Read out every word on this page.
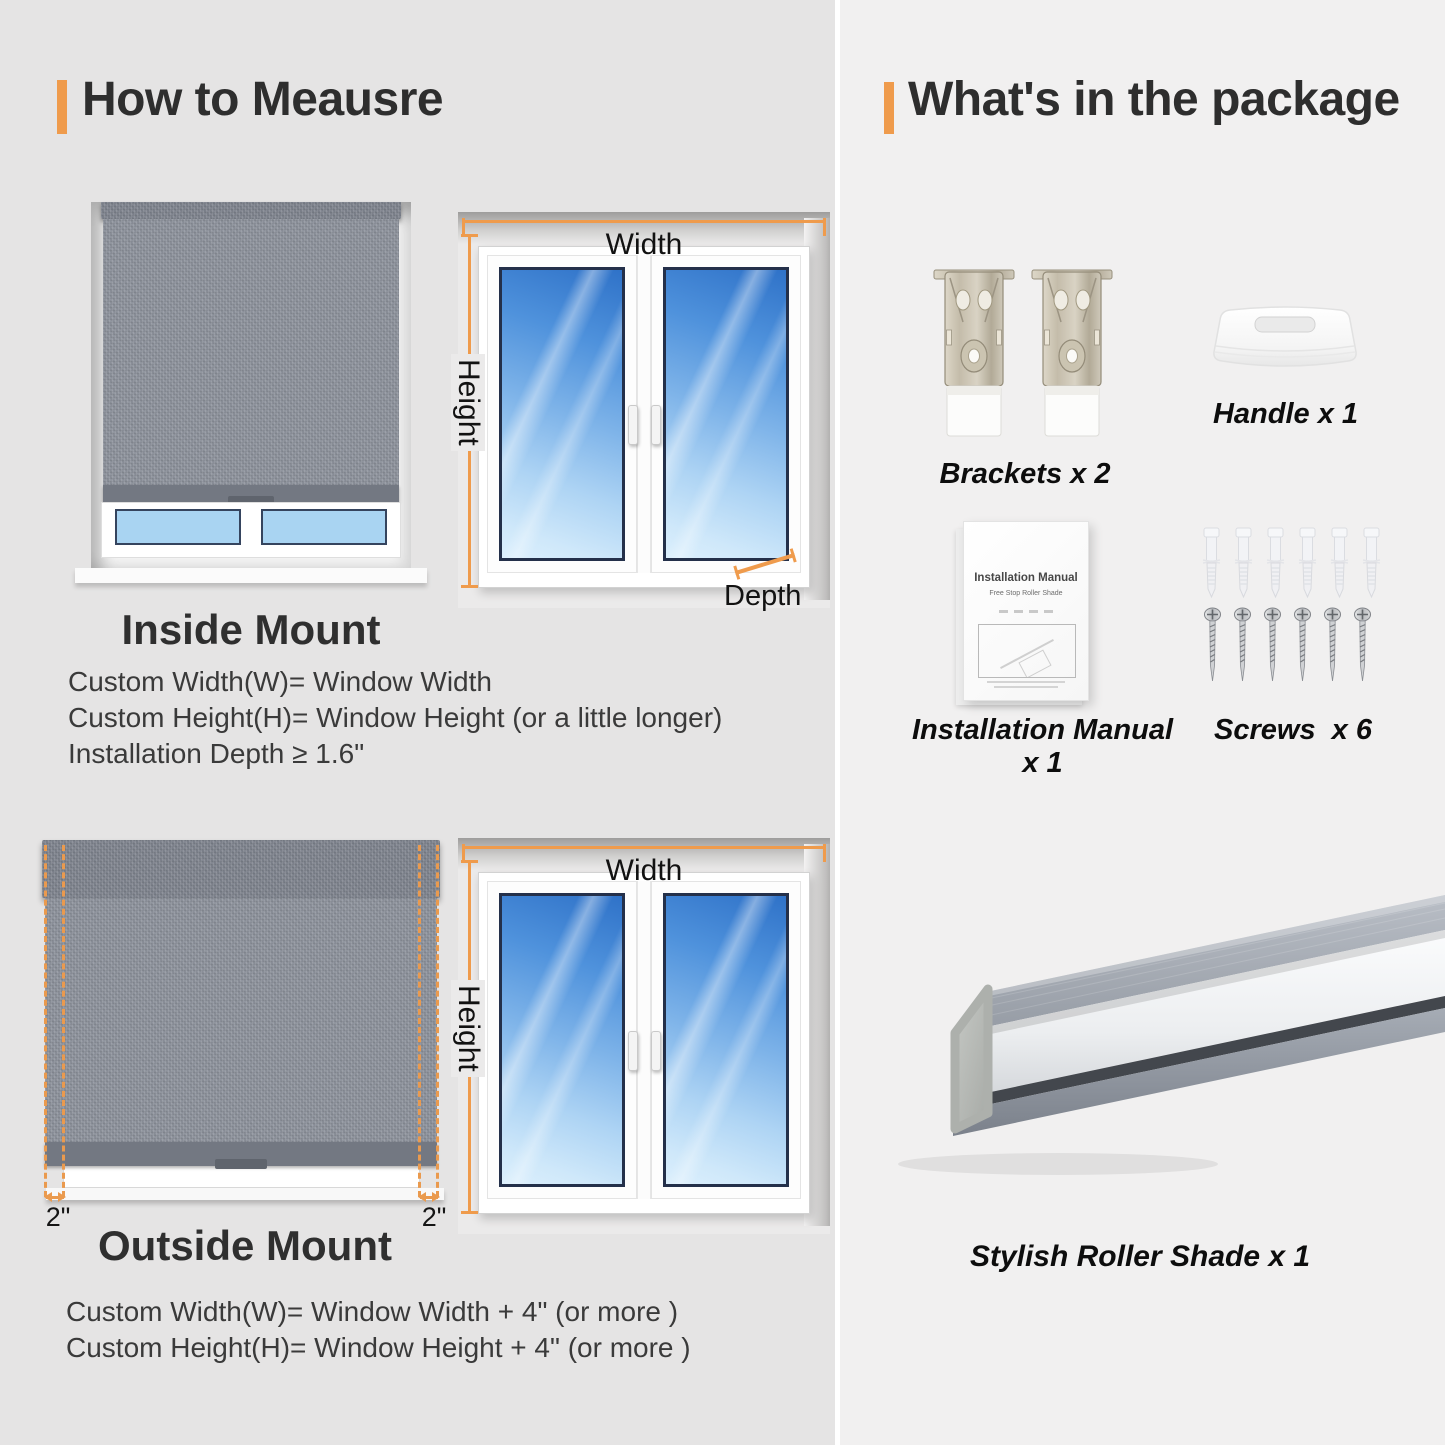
How to Meausre
Width
Height
Depth
Inside Mount

Custom Width(W)= Window Width

Custom Height(H)= Window Height (or a little longer)

Installation Depth ≥ 1.6"

2"	2"
Width
Height
Outside Mount

Custom Width(W)= Window Width + 4" (or more )

Custom Height(H)= Window Height + 4" (or more )

What's in the package
Brackets x 2
Handle x 1
Installation Manual
Free Stop Roller Shade
Installation Manual x 1
Screws  x 6
Stylish Roller Shade x 1
